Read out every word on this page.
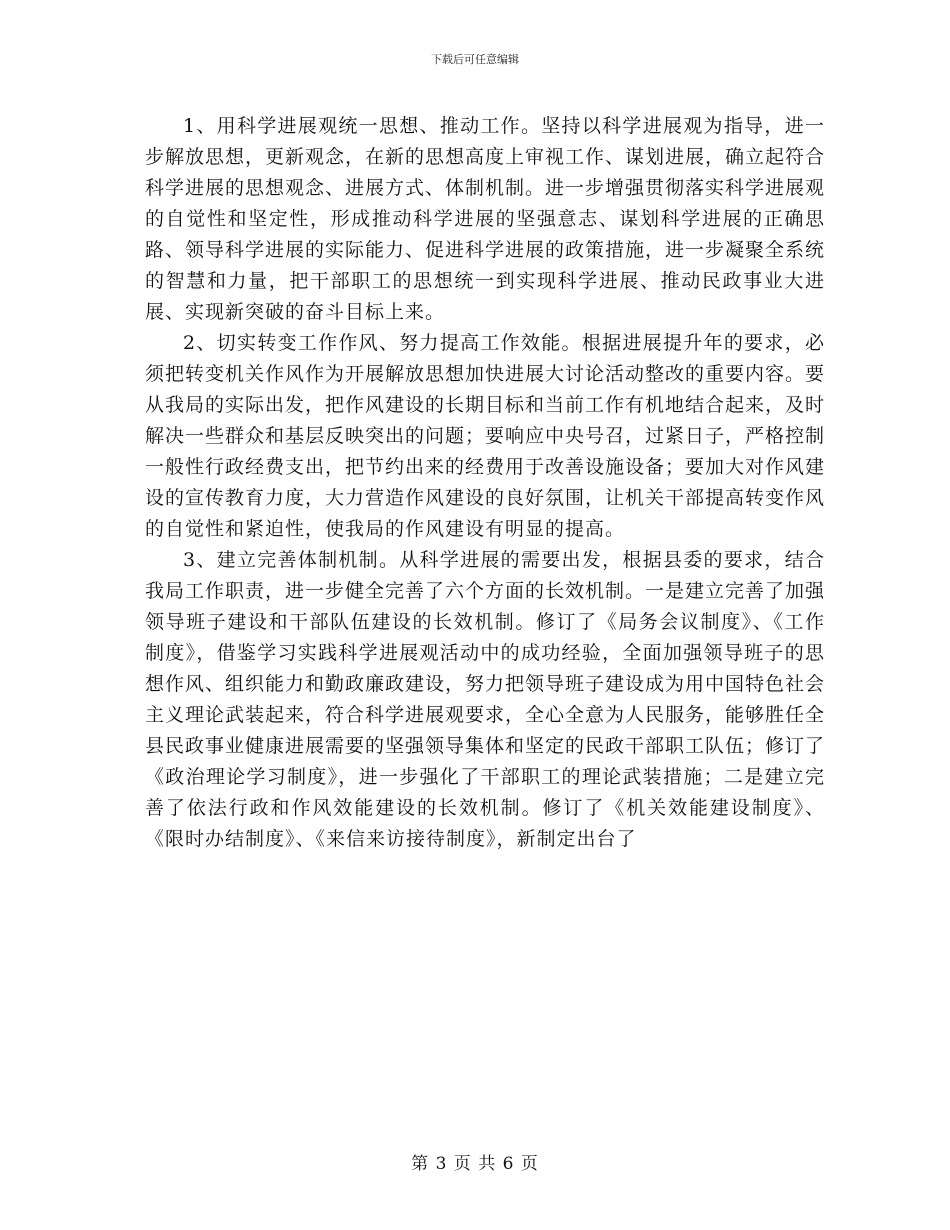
下载后可任意编辑

1、用科学进展观统一思想、推动工作。坚持以科学进展观为指导，进一步解放思想，更新观念，在新的思想高度上审视工作、谋划进展，确立起符合科学进展的思想观念、进展方式、体制机制。进一步增强贯彻落实科学进展观的自觉性和坚定性，形成推动科学进展的坚强意志、谋划科学进展的正确思路、领导科学进展的实际能力、促进科学进展的政策措施，进一步凝聚全系统的智慧和力量，把干部职工的思想统一到实现科学进展、推动民政事业大进展、实现新突破的奋斗目标上来。

2、切实转变工作作风、努力提高工作效能。根据进展提升年的要求，必须把转变机关作风作为开展解放思想加快进展大讨论活动整改的重要内容。要从我局的实际出发，把作风建设的长期目标和当前工作有机地结合起来，及时解决一些群众和基层反映突出的问题；要响应中央号召，过紧日子，严格控制一般性行政经费支出，把节约出来的经费用于改善设施设备；要加大对作风建设的宣传教育力度，大力营造作风建设的良好氛围，让机关干部提高转变作风的自觉性和紧迫性，使我局的作风建设有明显的提高。

3、建立完善体制机制。从科学进展的需要出发，根据县委的要求，结合我局工作职责，进一步健全完善了六个方面的长效机制。一是建立完善了加强领导班子建设和干部队伍建设的长效机制。修订了《局务会议制度》、《工作制度》，借鉴学习实践科学进展观活动中的成功经验，全面加强领导班子的思想作风、组织能力和勤政廉政建设，努力把领导班子建设成为用中国特色社会主义理论武装起来，符合科学进展观要求，全心全意为人民服务，能够胜任全县民政事业健康进展需要的坚强领导集体和坚定的民政干部职工队伍；修订了《政治理论学习制度》，进一步强化了干部职工的理论武装措施；二是建立完善了依法行政和作风效能建设的长效机制。修订了《机关效能建设制度》、《限时办结制度》、《来信来访接待制度》，新制定出台了

第 3 页 共 6 页
